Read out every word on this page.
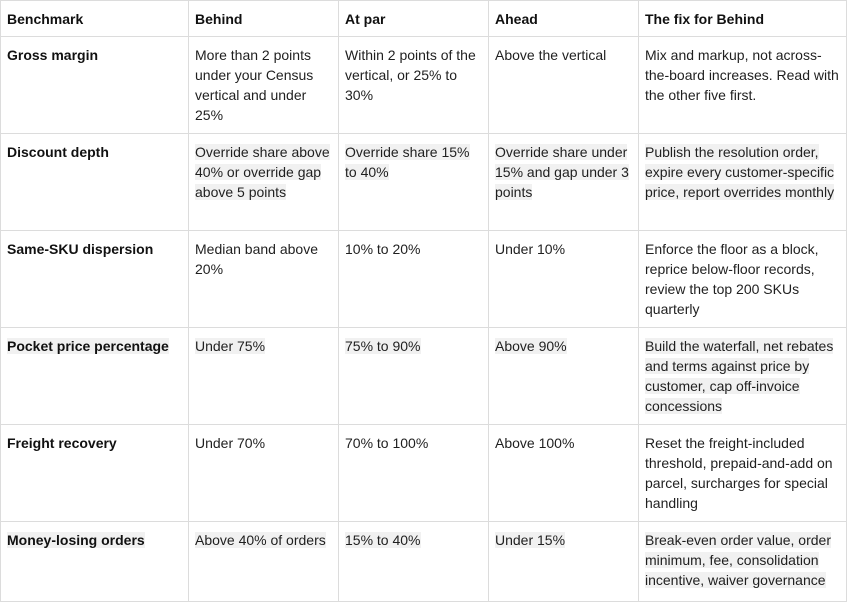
Benchmark	Behind	At par	Ahead	The fix for Behind
Gross margin	More than 2 points under your Census vertical and under 25%	Within 2 points of the vertical, or 25% to 30%	Above the vertical	Mix and markup, not across-the-board increases. Read with the other five first.
Discount depth	Override share above 40% or override gap above 5 points	Override share 15% to 40%	Override share under 15% and gap under 3 points	Publish the resolution order, expire every customer-specific price, report overrides monthly
Same-SKU dispersion	Median band above 20%	10% to 20%	Under 10%	Enforce the floor as a block, reprice below-floor records, review the top 200 SKUs quarterly
Pocket price percentage	Under 75%	75% to 90%	Above 90%	Build the waterfall, net rebates and terms against price by customer, cap off-invoice concessions
Freight recovery	Under 70%	70% to 100%	Above 100%	Reset the freight-included threshold, prepaid-and-add on parcel, surcharges for special handling
Money-losing orders	Above 40% of orders	15% to 40%	Under 15%	Break-even order value, order minimum, fee, consolidation incentive, waiver governance
